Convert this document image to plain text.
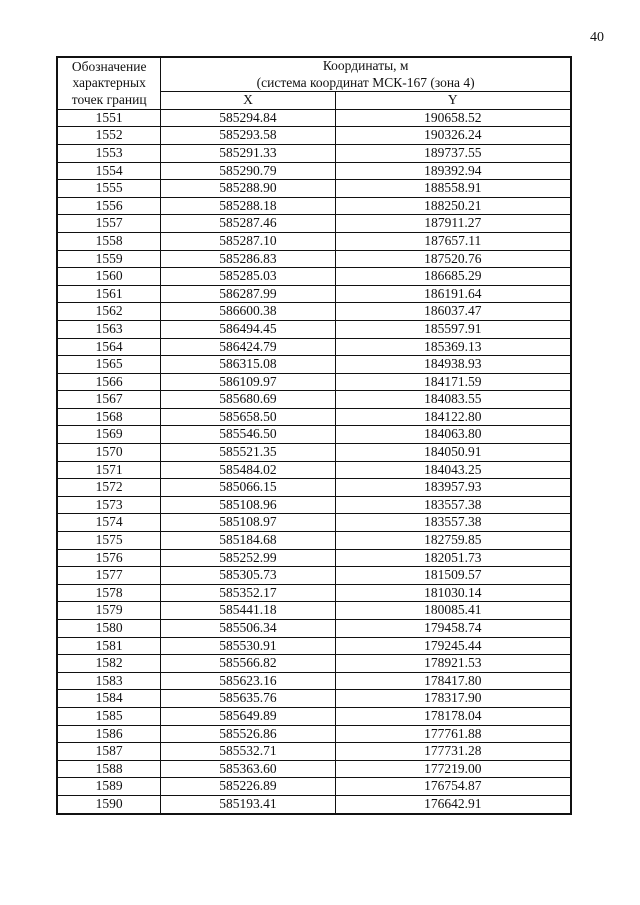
40
Обозначение
характерных
точек границ	Координаты, м
(система координат МСК-167 (зона 4)	

	X	Y
1551	585294.84	190658.52
1552	585293.58	190326.24
1553	585291.33	189737.55
1554	585290.79	189392.94
1555	585288.90	188558.91
1556	585288.18	188250.21
1557	585287.46	187911.27
1558	585287.10	187657.11
1559	585286.83	187520.76
1560	585285.03	186685.29
1561	586287.99	186191.64
1562	586600.38	186037.47
1563	586494.45	185597.91
1564	586424.79	185369.13
1565	586315.08	184938.93
1566	586109.97	184171.59
1567	585680.69	184083.55
1568	585658.50	184122.80
1569	585546.50	184063.80
1570	585521.35	184050.91
1571	585484.02	184043.25
1572	585066.15	183957.93
1573	585108.96	183557.38
1574	585108.97	183557.38
1575	585184.68	182759.85
1576	585252.99	182051.73
1577	585305.73	181509.57
1578	585352.17	181030.14
1579	585441.18	180085.41
1580	585506.34	179458.74
1581	585530.91	179245.44
1582	585566.82	178921.53
1583	585623.16	178417.80
1584	585635.76	178317.90
1585	585649.89	178178.04
1586	585526.86	177761.88
1587	585532.71	177731.28
1588	585363.60	177219.00
1589	585226.89	176754.87
1590	585193.41	176642.91
